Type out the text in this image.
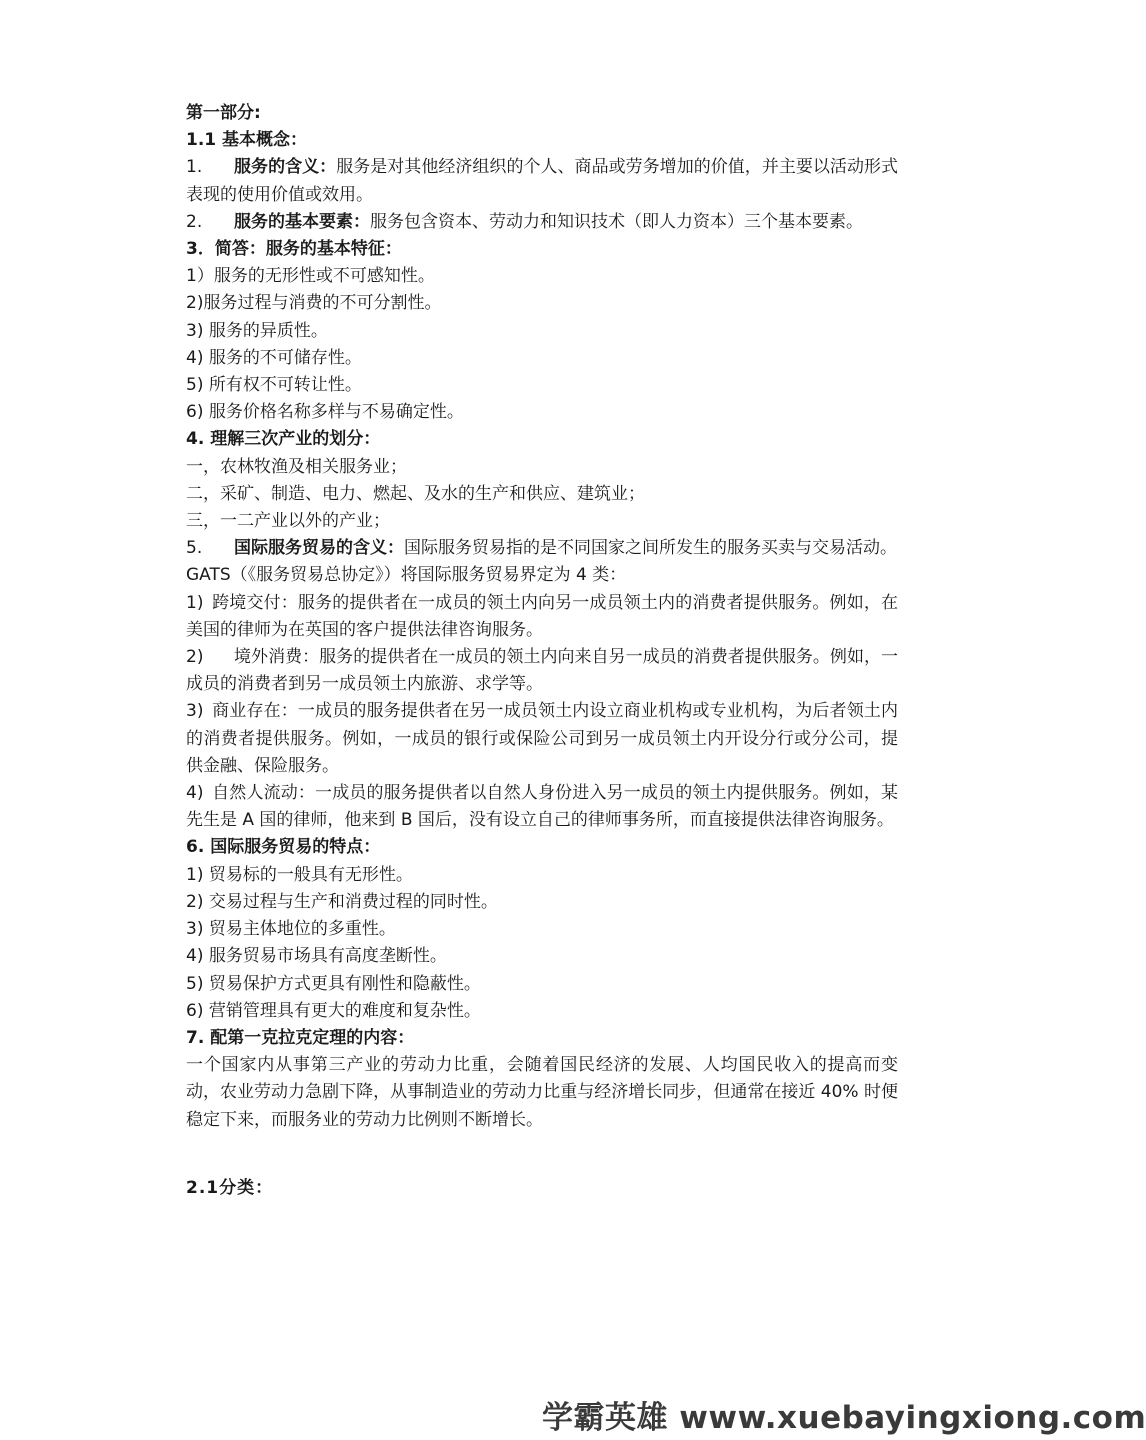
第一部分:
1.1 基本概念：
1. 服务的含义：服务是对其他经济组织的个人、商品或劳务增加的价值，并主要以活动形式表现的使用价值或效用。
2. 服务的基本要素：服务包含资本、劳动力和知识技术（即人力资本）三个基本要素。
3．简答：服务的基本特征：
1）服务的无形性或不可感知性。
2)服务过程与消费的不可分割性。
3) 服务的异质性。
4) 服务的不可储存性。
5) 所有权不可转让性。
6) 服务价格名称多样与不易确定性。
4. 理解三次产业的划分：
一，农林牧渔及相关服务业；
二，采矿、制造、电力、燃起、及水的生产和供应、建筑业；
三，一二产业以外的产业；
5. 国际服务贸易的含义：国际服务贸易指的是不同国家之间所发生的服务买卖与交易活动。
GATS（《服务贸易总协定》）将国际服务贸易界定为 4 类：
1) 跨境交付：服务的提供者在一成员的领土内向另一成员领土内的消费者提供服务。例如，在美国的律师为在英国的客户提供法律咨询服务。
2) 境外消费：服务的提供者在一成员的领土内向来自另一成员的消费者提供服务。例如，一成员的消费者到另一成员领土内旅游、求学等。
3) 商业存在：一成员的服务提供者在另一成员领土内设立商业机构或专业机构，为后者领土内的消费者提供服务。例如，一成员的银行或保险公司到另一成员领土内开设分行或分公司，提供金融、保险服务。
4) 自然人流动：一成员的服务提供者以自然人身份进入另一成员的领土内提供服务。例如，某先生是 A 国的律师，他来到 B 国后，没有设立自己的律师事务所，而直接提供法律咨询服务。
6. 国际服务贸易的特点：
1) 贸易标的一般具有无形性。
2) 交易过程与生产和消费过程的同时性。
3) 贸易主体地位的多重性。
4) 服务贸易市场具有高度垄断性。
5) 贸易保护方式更具有刚性和隐蔽性。
6) 营销管理具有更大的难度和复杂性。
7. 配第一克拉克定理的内容：
一个国家内从事第三产业的劳动力比重，会随着国民经济的发展、人均国民收入的提高而变动，农业劳动力急剧下降，从事制造业的劳动力比重与经济增长同步，但通常在接近 40% 时便稳定下来，而服务业的劳动力比例则不断增长。
2.1分类：
学霸英雄 www.xuebayingxiong.com
